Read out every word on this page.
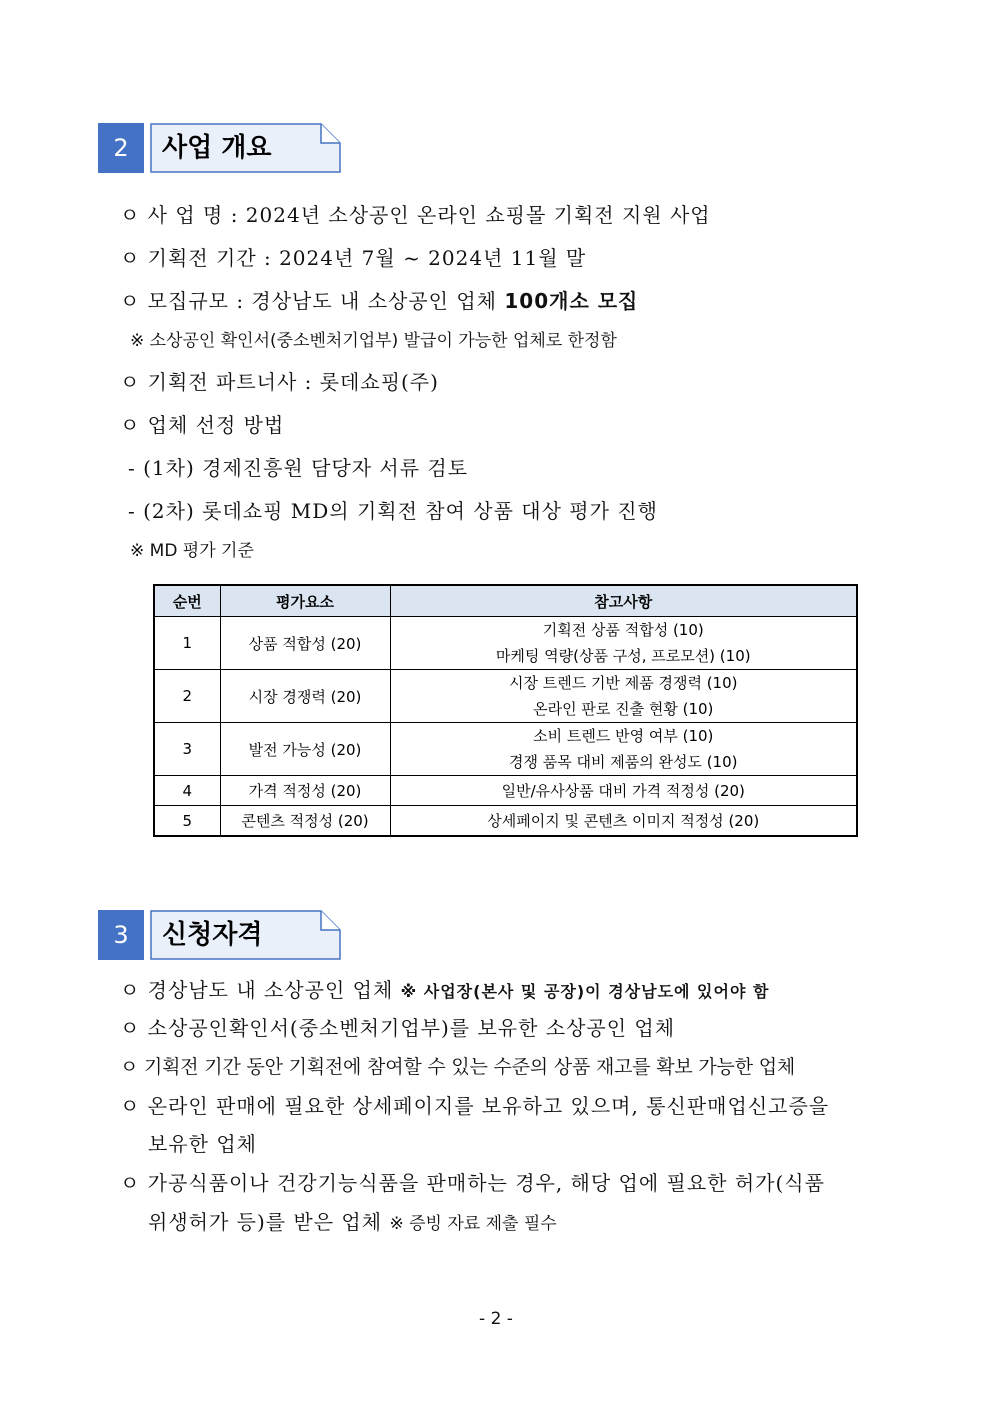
2	사업 개요
ㅇ 사 업 명 : 2024년 소상공인 온라인 쇼핑몰 기획전 지원 사업
ㅇ 기획전 기간 : 2024년 7월 ~ 2024년 11월 말
ㅇ 모집규모 : 경상남도 내 소상공인 업체 100개소 모집
※ 소상공인 확인서(중소벤처기업부) 발급이 가능한 업체로 한정함
ㅇ 기획전 파트너사 : 롯데쇼핑(주)
ㅇ 업체 선정 방법
- (1차) 경제진흥원 담당자 서류 검토
- (2차) 롯데쇼핑 MD의 기획전 참여 상품 대상 평가 진행
※ MD 평가 기준
순번	평가요소	참고사항
1	상품 적합성 (20)	기획전 상품 적합성 (10)
마케팅 역량(상품 구성, 프로모션) (10)

2	시장 경쟁력 (20)	시장 트렌드 기반 제품 경쟁력 (10)
온라인 판로 진출 현황 (10)

3	발전 가능성 (20)	소비 트렌드 반영 여부 (10)
경쟁 품목 대비 제품의 완성도 (10)

4	가격 적정성 (20)	일반/유사상품 대비 가격 적정성 (20)

5	콘텐츠 적정성 (20)	상세페이지 및 콘텐츠 이미지 적정성 (20)
3	신청자격
ㅇ 경상남도 내 소상공인 업체 ※ 사업장(본사 및 공장)이 경상남도에 있어야 함
ㅇ 소상공인확인서(중소벤처기업부)를 보유한 소상공인 업체
ㅇ 기획전 기간 동안 기획전에 참여할 수 있는 수준의 상품 재고를 확보 가능한 업체
ㅇ 온라인 판매에 필요한 상세페이지를 보유하고 있으며, 통신판매업신고증을
보유한 업체
ㅇ 가공식품이나 건강기능식품을 판매하는 경우, 해당 업에 필요한 허가(식품
위생허가 등)를 받은 업체 ※ 증빙 자료 제출 필수
- 2 -
